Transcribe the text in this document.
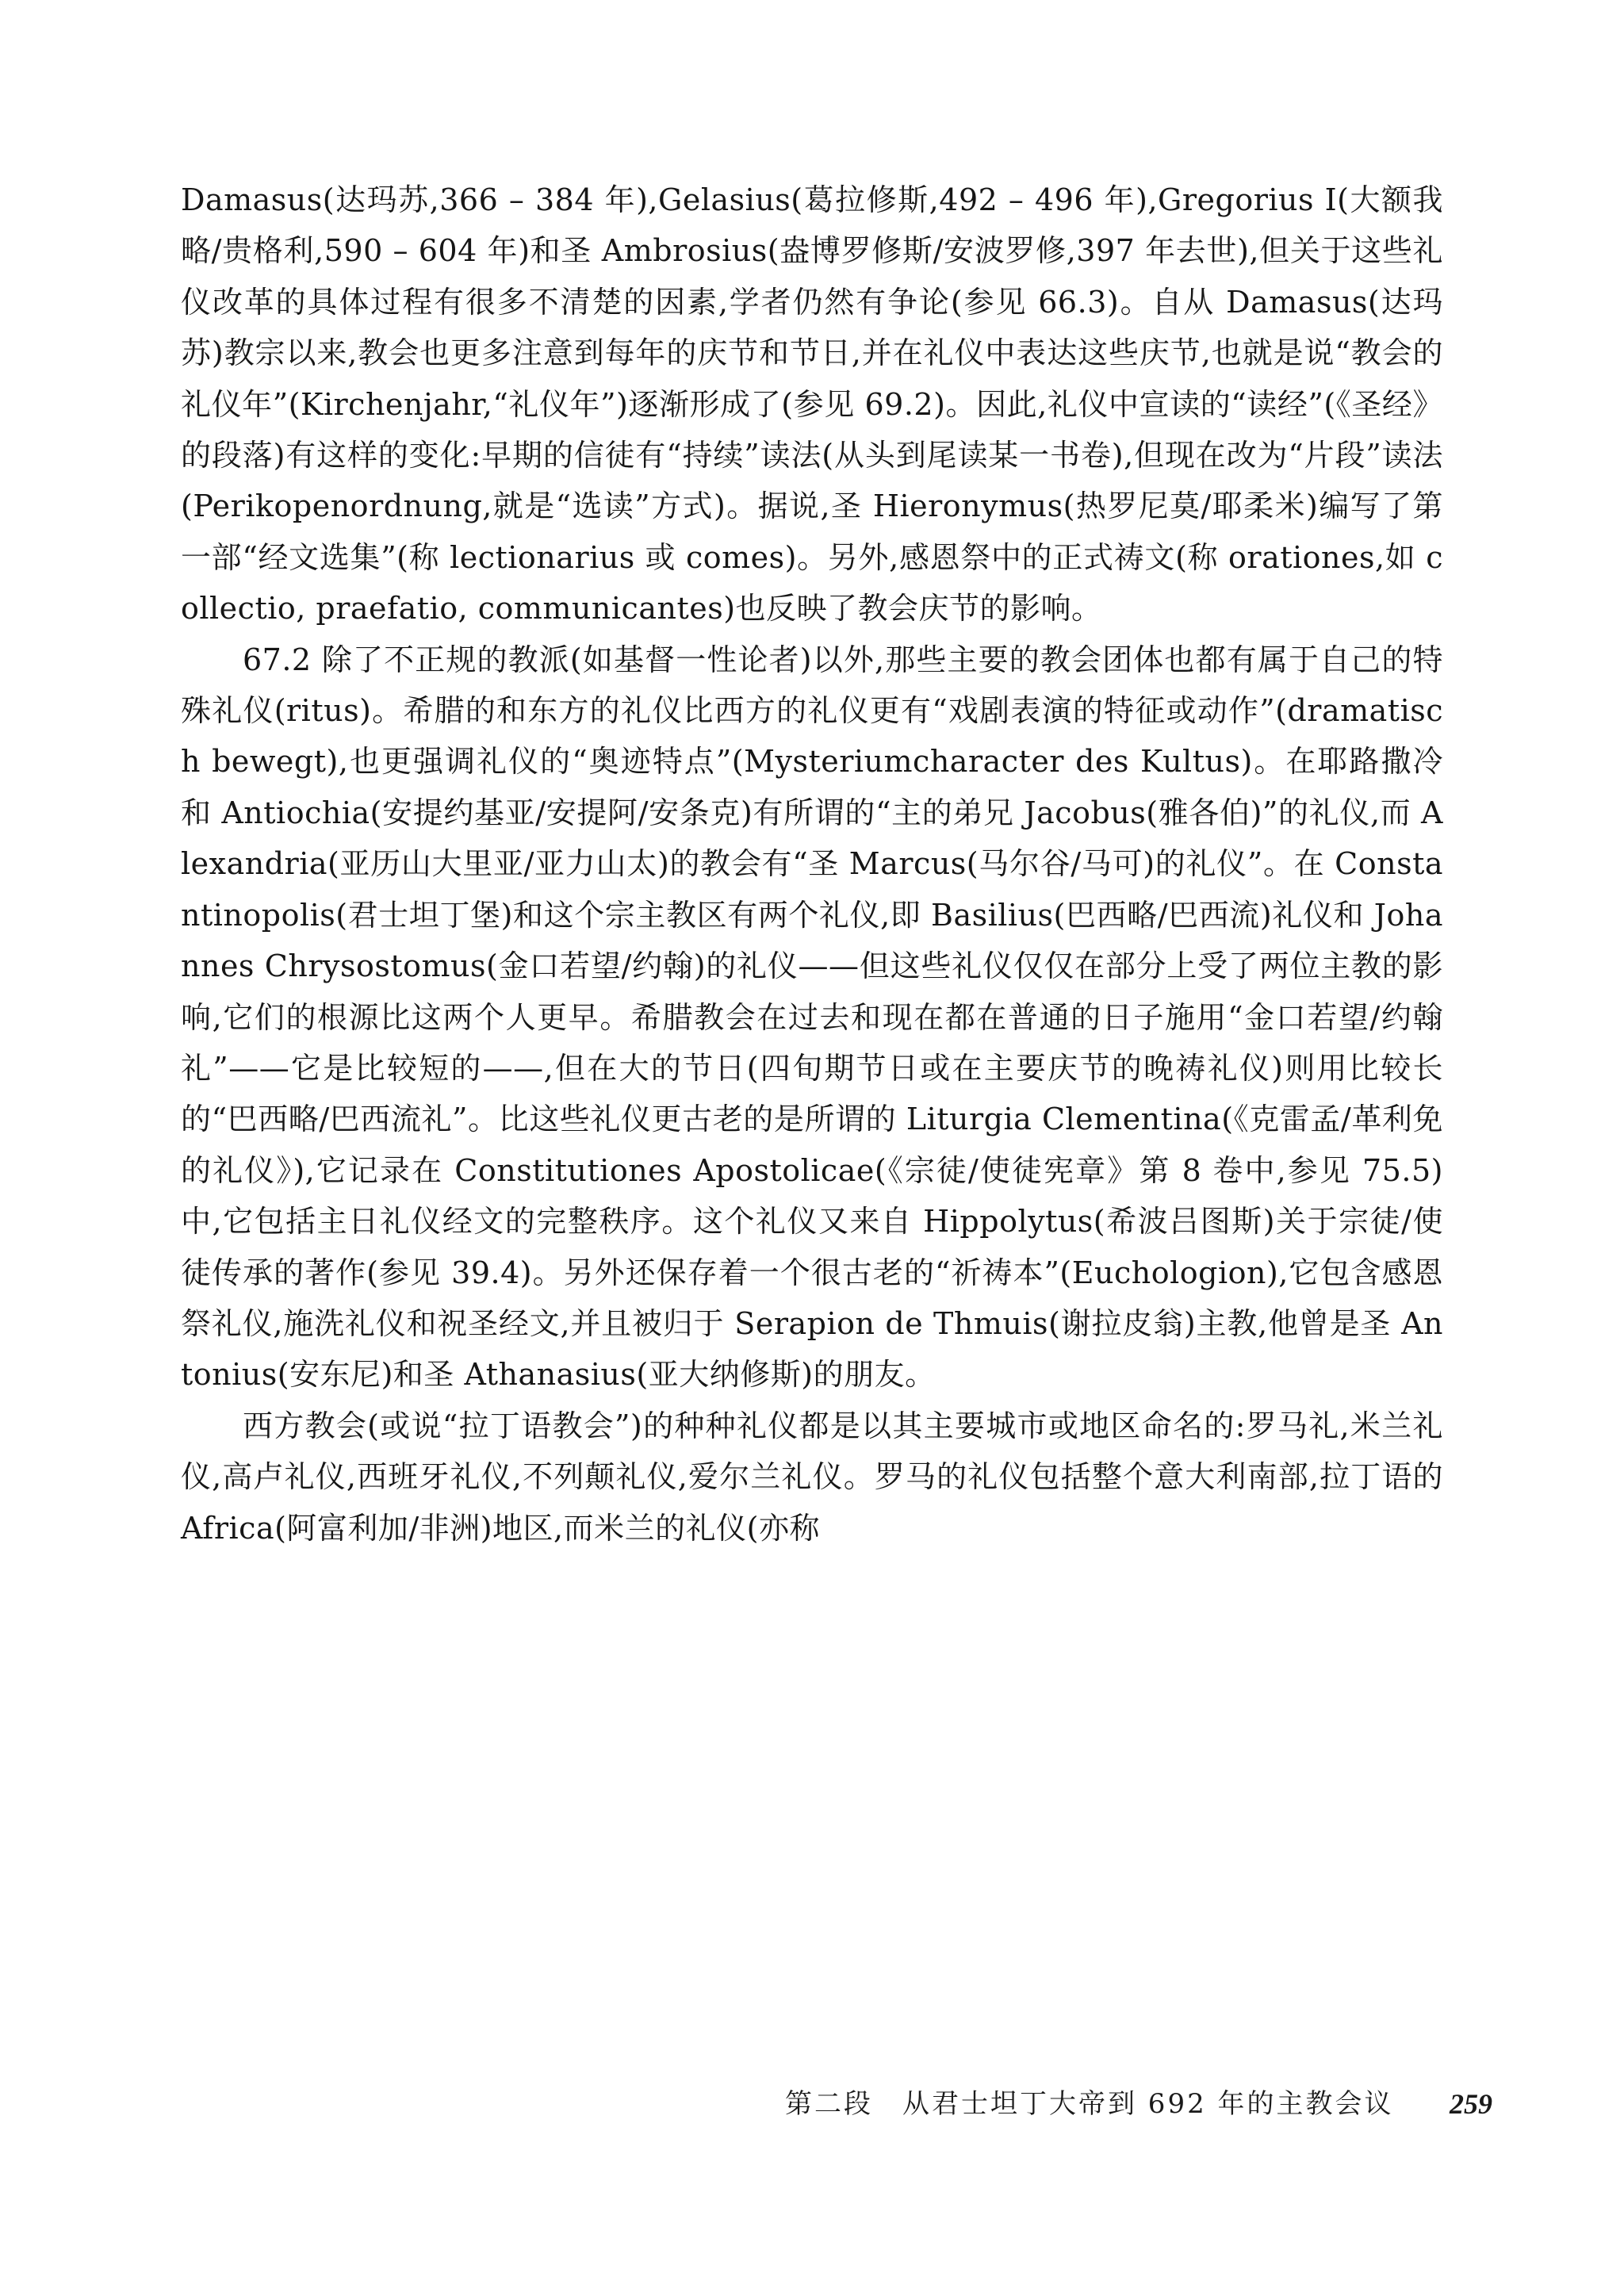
Damasus(达玛苏,366 – 384 年),Gelasius(葛拉修斯,492 – 496 年),Gregorius I(大额我略/贵格利,590 – 604 年)和圣 Ambrosius(盎博罗修斯/安波罗修,397 年去世),但关于这些礼仪改革的具体过程有很多不清楚的因素,学者仍然有争论(参见 66.3)。自从 Damasus(达玛苏)教宗以来,教会也更多注意到每年的庆节和节日,并在礼仪中表达这些庆节,也就是说“教会的礼仪年”(Kirchenjahr,“礼仪年”)逐渐形成了(参见 69.2)。因此,礼仪中宣读的“读经”(《圣经》的段落)有这样的变化:早期的信徒有“持续”读法(从头到尾读某一书卷),但现在改为“片段”读法(Perikopenordnung,就是“选读”方式)。据说,圣 Hieronymus(热罗尼莫/耶柔米)编写了第一部“经文选集”(称 lectionarius 或 comes)。另外,感恩祭中的正式祷文(称 orationes,如 collectio, praefatio, communicantes)也反映了教会庆节的影响。

67.2 除了不正规的教派(如基督一性论者)以外,那些主要的教会团体也都有属于自己的特殊礼仪(ritus)。希腊的和东方的礼仪比西方的礼仪更有“戏剧表演的特征或动作”(dramatisch bewegt),也更强调礼仪的“奥迹特点”(Mysteriumcharacter des Kultus)。在耶路撒冷和 Antiochia(安提约基亚/安提阿/安条克)有所谓的“主的弟兄 Jacobus(雅各伯)”的礼仪,而 Alexandria(亚历山大里亚/亚力山太)的教会有“圣 Marcus(马尔谷/马可)的礼仪”。在 Constantinopolis(君士坦丁堡)和这个宗主教区有两个礼仪,即 Basilius(巴西略/巴西流)礼仪和 Johannes Chrysostomus(金口若望/约翰)的礼仪——但这些礼仪仅仅在部分上受了两位主教的影响,它们的根源比这两个人更早。希腊教会在过去和现在都在普通的日子施用“金口若望/约翰礼”——它是比较短的——,但在大的节日(四旬期节日或在主要庆节的晚祷礼仪)则用比较长的“巴西略/巴西流礼”。比这些礼仪更古老的是所谓的 Liturgia Clementina(《克雷孟/革利免的礼仪》),它记录在 Constitutiones Apostolicae(《宗徒/使徒宪章》第 8 卷中,参见 75.5)中,它包括主日礼仪经文的完整秩序。这个礼仪又来自 Hippolytus(希波吕图斯)关于宗徒/使徒传承的著作(参见 39.4)。另外还保存着一个很古老的“祈祷本”(Euchologion),它包含感恩祭礼仪,施洗礼仪和祝圣经文,并且被归于 Serapion de Thmuis(谢拉皮翁)主教,他曾是圣 Antonius(安东尼)和圣 Athanasius(亚大纳修斯)的朋友。

西方教会(或说“拉丁语教会”)的种种礼仪都是以其主要城市或地区命名的:罗马礼,米兰礼仪,高卢礼仪,西班牙礼仪,不列颠礼仪,爱尔兰礼仪。罗马的礼仪包括整个意大利南部,拉丁语的 Africa(阿富利加/非洲)地区,而米兰的礼仪(亦称

第二段　从君士坦丁大帝到 692 年的主教会议 259
